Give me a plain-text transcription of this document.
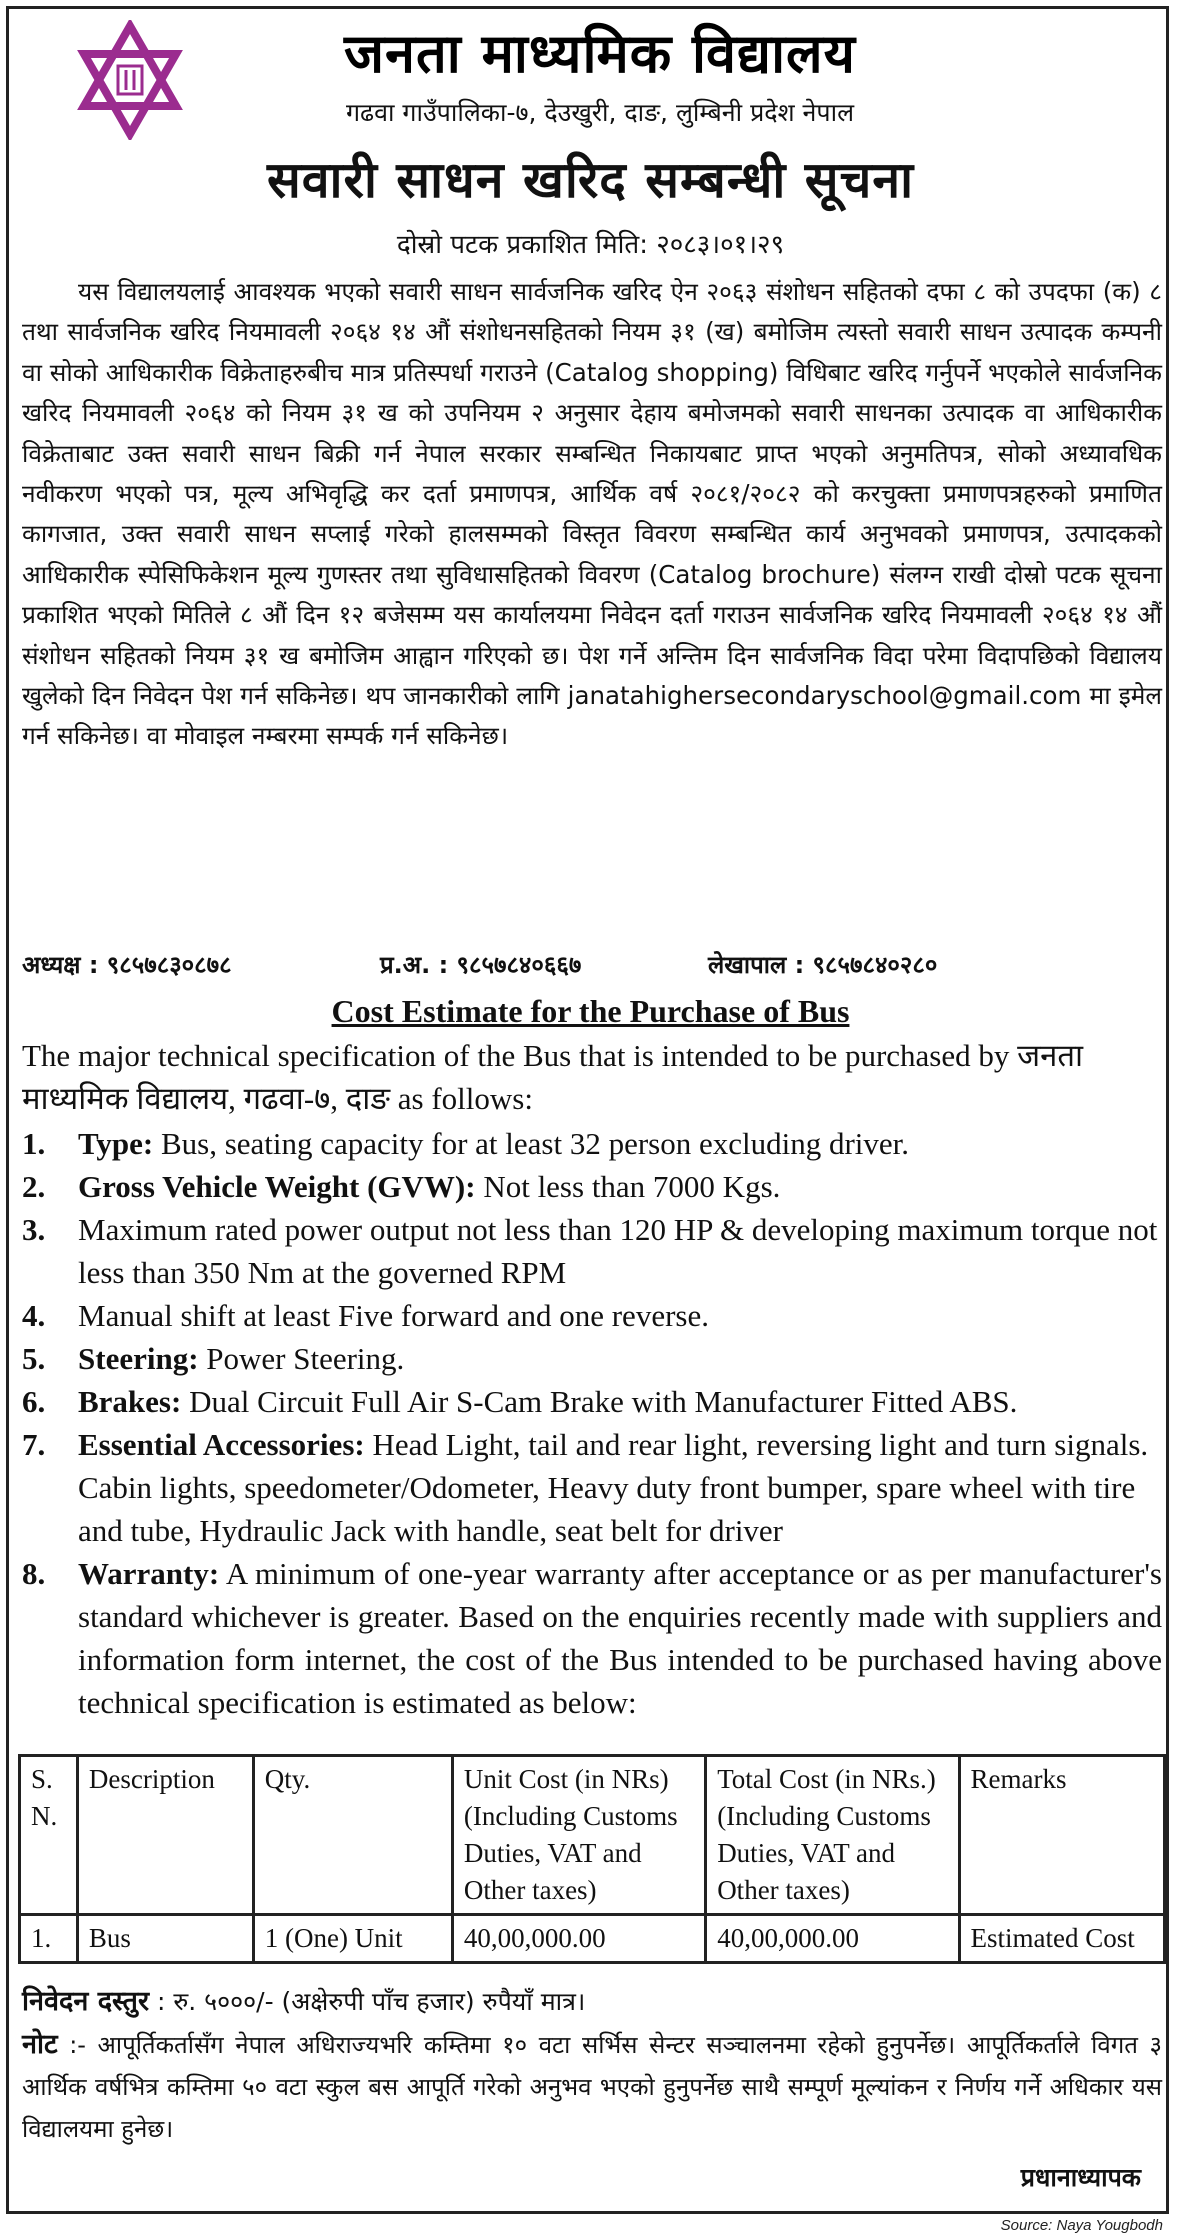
जनता माध्यमिक विद्यालय
गढवा गाउँपालिका-७, देउखुरी, दाङ, लुम्बिनी प्रदेश नेपाल
सवारी साधन खरिद सम्बन्धी सूचना
दोस्रो पटक प्रकाशित मिति: २०८३।०१।२९

यस विद्यालयलाई आवश्यक भएको सवारी साधन सार्वजनिक खरिद ऐन २०६३ संशोधन सहितको दफा ८ को उपदफा (क) ८ तथा सार्वजनिक खरिद नियमावली २०६४ १४ औं संशोधनसहितको नियम ३१ (ख) बमोजिम त्यस्तो सवारी साधन उत्पादक कम्पनी वा सोको आधिकारीक विक्रेताहरुबीच मात्र प्रतिस्पर्धा गराउने (Catalog shopping) विधिबाट खरिद गर्नुपर्ने भएकोले सार्वजनिक खरिद नियमावली २०६४ को नियम ३१ ख को उपनियम २ अनुसार देहाय बमोजमको सवारी साधनका उत्पादक वा आधिकारीक विक्रेताबाट उक्त सवारी साधन बिक्री गर्न नेपाल सरकार सम्बन्धित निकायबाट प्राप्त भएको अनुमतिपत्र, सोको अध्यावधिक नवीकरण भएको पत्र, मूल्य अभिवृद्धि कर दर्ता प्रमाणपत्र, आर्थिक वर्ष २०८१/२०८२ को करचुक्ता प्रमाणपत्रहरुको प्रमाणित कागजात, उक्त सवारी साधन सप्लाई गरेको हालसम्मको विस्तृत विवरण सम्बन्धित कार्य अनुभवको प्रमाणपत्र, उत्पादकको आधिकारीक स्पेसिफिकेशन मूल्य गुणस्तर तथा सुविधासहितको विवरण (Catalog brochure) संलग्न राखी दोस्रो पटक सूचना प्रकाशित भएको मितिले ८ औं दिन १२ बजेसम्म यस कार्यालयमा निवेदन दर्ता गराउन सार्वजनिक खरिद नियमावली २०६४ १४ औं संशोधन सहितको नियम ३१ ख बमोजिम आह्वान गरिएको छ। पेश गर्ने अन्तिम दिन सार्वजनिक विदा परेमा विदापछिको विद्यालय खुलेको दिन निवेदन पेश गर्न सकिनेछ। थप जानकारीको लागि janatahighersecondaryschool@gmail.com मा इमेल गर्न सकिनेछ। वा मोवाइल नम्बरमा सम्पर्क गर्न सकिनेछ।

अध्यक्ष : ९८५७८३०८७८	प्र.अ. : ९८५७८४०६६७	लेखापाल : ९८५७८४०२८०
Cost Estimate for the Purchase of Bus

The major technical specification of the Bus that is intended to be purchased by जनता माध्यमिक विद्यालय, गढवा-७, दाङ as follows:

1. Type: Bus, seating capacity for at least 32 person excluding driver.
2. Gross Vehicle Weight (GVW): Not less than 7000 Kgs.
3. Maximum rated power output not less than 120 HP & developing maximum torque not less than 350 Nm at the governed RPM
4. Manual shift at least Five forward and one reverse.
5. Steering: Power Steering.
6. Brakes: Dual Circuit Full Air S-Cam Brake with Manufacturer Fitted ABS.
7. Essential Accessories: Head Light, tail and rear light, reversing light and turn signals. Cabin lights, speedometer/Odometer, Heavy duty front bumper, spare wheel with tire and tube, Hydraulic Jack with handle, seat belt for driver
8. Warranty: A minimum of one-year warranty after acceptance or as per manufacturer's standard whichever is greater. Based on the enquiries recently made with suppliers and information form internet, the cost of the Bus intended to be purchased having above technical specification is estimated as below:
S. N.	Description	Qty.	Unit Cost (in NRs) (Including Customs Duties, VAT and Other taxes)	Total Cost (in NRs.) (Including Customs Duties, VAT and Other taxes)	Remarks
1.	Bus	1 (One) Unit	40,00,000.00	40,00,000.00	Estimated Cost
निवेदन दस्तुर : रु. ५०००/- (अक्षेरुपी पाँच हजार) रुपैयाँ मात्र।

नोट :- आपूर्तिकर्तासँग नेपाल अधिराज्यभरि कम्तिमा १० वटा सर्भिस सेन्टर सञ्चालनमा रहेको हुनुपर्नेछ। आपूर्तिकर्ताले विगत ३ आर्थिक वर्षभित्र कम्तिमा ५० वटा स्कुल बस आपूर्ति गरेको अनुभव भएको हुनुपर्नेछ साथै सम्पूर्ण मूल्यांकन र निर्णय गर्ने अधिकार यस विद्यालयमा हुनेछ।

प्रधानाध्यापक
Source: Naya Yougbodh
